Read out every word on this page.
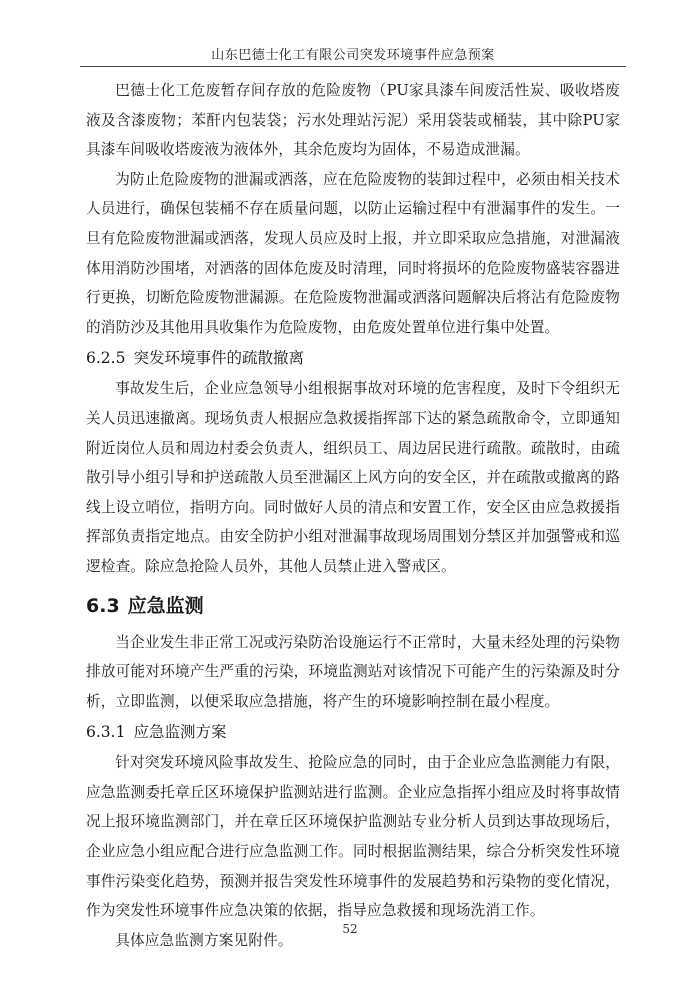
山东巴德士化工有限公司突发环境事件应急预案

巴德士化工危废暂存间存放的危险废物（PU家具漆车间废活性炭、吸收塔废液及含漆废物；苯酐内包装袋；污水处理站污泥）采用袋装或桶装，其中除PU家具漆车间吸收塔废液为液体外，其余危废均为固体，不易造成泄漏。

为防止危险废物的泄漏或洒落，应在危险废物的装卸过程中，必须由相关技术人员进行，确保包装桶不存在质量问题，以防止运输过程中有泄漏事件的发生。一旦有危险废物泄漏或洒落，发现人员应及时上报，并立即采取应急措施，对泄漏液体用消防沙围堵，对洒落的固体危废及时清理，同时将损坏的危险废物盛装容器进行更换，切断危险废物泄漏源。在危险废物泄漏或洒落问题解决后将沾有危险废物的消防沙及其他用具收集作为危险废物，由危废处置单位进行集中处置。

6.2.5 突发环境事件的疏散撤离

事故发生后，企业应急领导小组根据事故对环境的危害程度，及时下令组织无关人员迅速撤离。现场负责人根据应急救援指挥部下达的紧急疏散命令，立即通知附近岗位人员和周边村委会负责人，组织员工、周边居民进行疏散。疏散时，由疏散引导小组引导和护送疏散人员至泄漏区上风方向的安全区，并在疏散或撤离的路线上设立哨位，指明方向。同时做好人员的清点和安置工作，安全区由应急救援指挥部负责指定地点。由安全防护小组对泄漏事故现场周围划分禁区并加强警戒和巡逻检查。除应急抢险人员外，其他人员禁止进入警戒区。

6.3 应急监测

当企业发生非正常工况或污染防治设施运行不正常时，大量未经处理的污染物排放可能对环境产生严重的污染，环境监测站对该情况下可能产生的污染源及时分析，立即监测，以便采取应急措施，将产生的环境影响控制在最小程度。

6.3.1 应急监测方案

针对突发环境风险事故发生、抢险应急的同时，由于企业应急监测能力有限，应急监测委托章丘区环境保护监测站进行监测。企业应急指挥小组应及时将事故情况上报环境监测部门，并在章丘区环境保护监测站专业分析人员到达事故现场后，企业应急小组应配合进行应急监测工作。同时根据监测结果，综合分析突发性环境事件污染变化趋势，预测并报告突发性环境事件的发展趋势和污染物的变化情况，作为突发性环境事件应急决策的依据，指导应急救援和现场洗消工作。

具体应急监测方案见附件。

52
